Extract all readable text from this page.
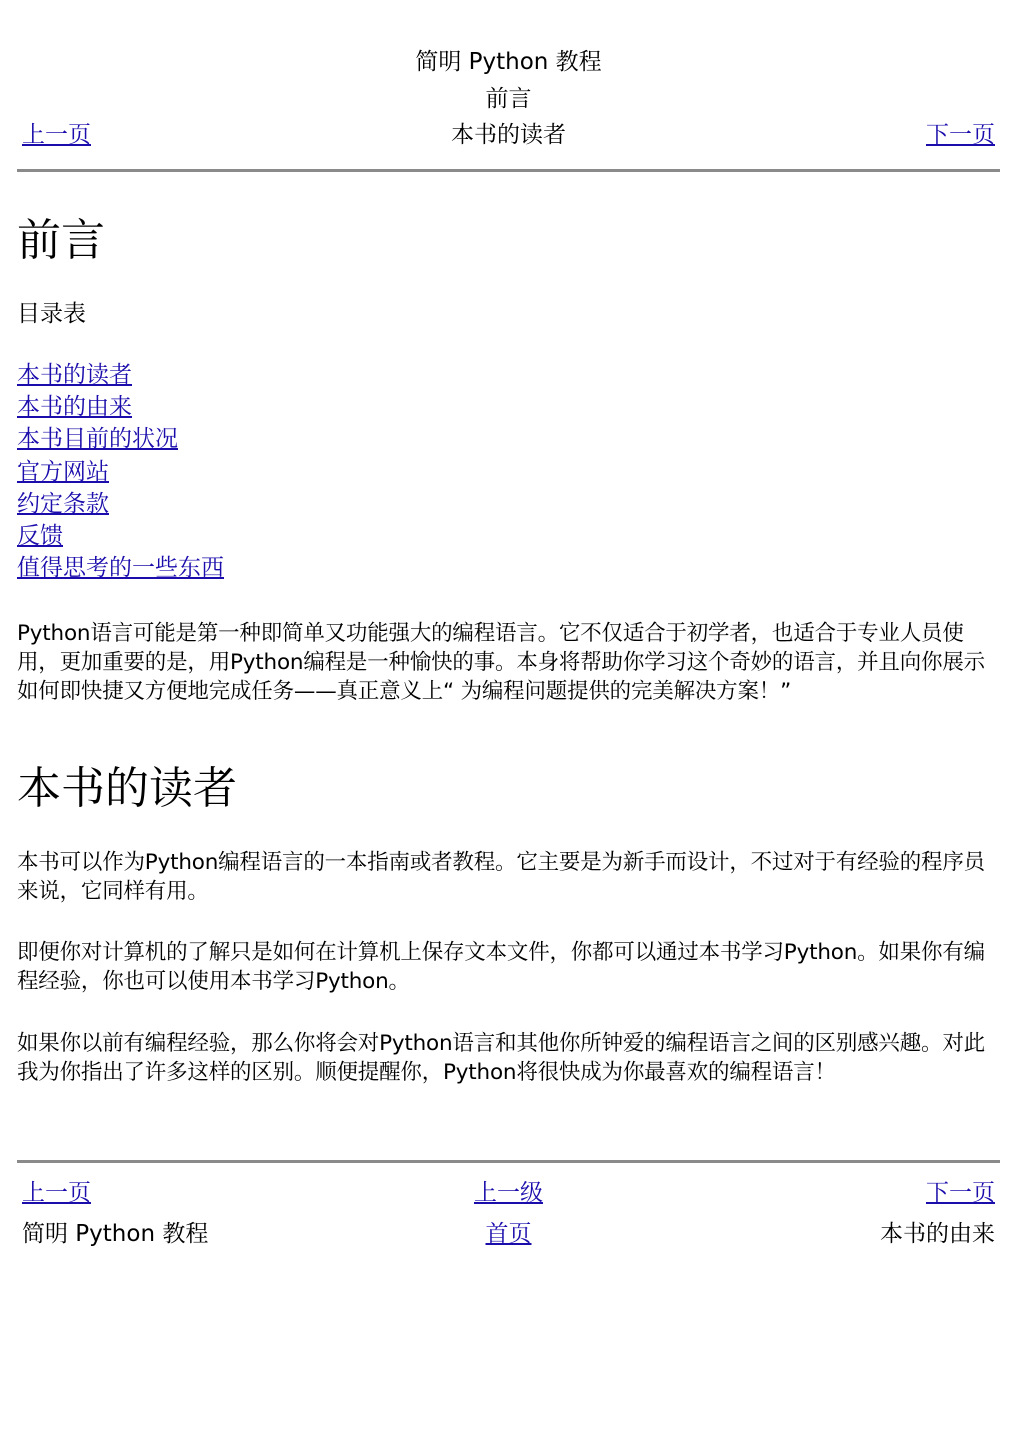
简明 Python 教程
前言
上一页	本书的读者	下一页
前言
目录表
本书的读者
本书的由来
本书目前的状况
官方网站
约定条款
反馈
值得思考的一些东西

Python语言可能是第一种即简单又功能强大的编程语言。它不仅适合于初学者，也适合于专业人员使用，更加重要的是，用Python编程是一种愉快的事。本身将帮助你学习这个奇妙的语言，并且向你展示如何即快捷又方便地完成任务——真正意义上“ 为编程问题提供的完美解决方案！”

本书的读者

本书可以作为Python编程语言的一本指南或者教程。它主要是为新手而设计，不过对于有经验的程序员来说，它同样有用。

即便你对计算机的了解只是如何在计算机上保存文本文件，你都可以通过本书学习Python。如果你有编程经验，你也可以使用本书学习Python。

如果你以前有编程经验，那么你将会对Python语言和其他你所钟爱的编程语言之间的区别感兴趣。对此我为你指出了许多这样的区别。顺便提醒你，Python将很快成为你最喜欢的编程语言！

上一页	上一级	下一页
简明 Python 教程	首页	本书的由来
